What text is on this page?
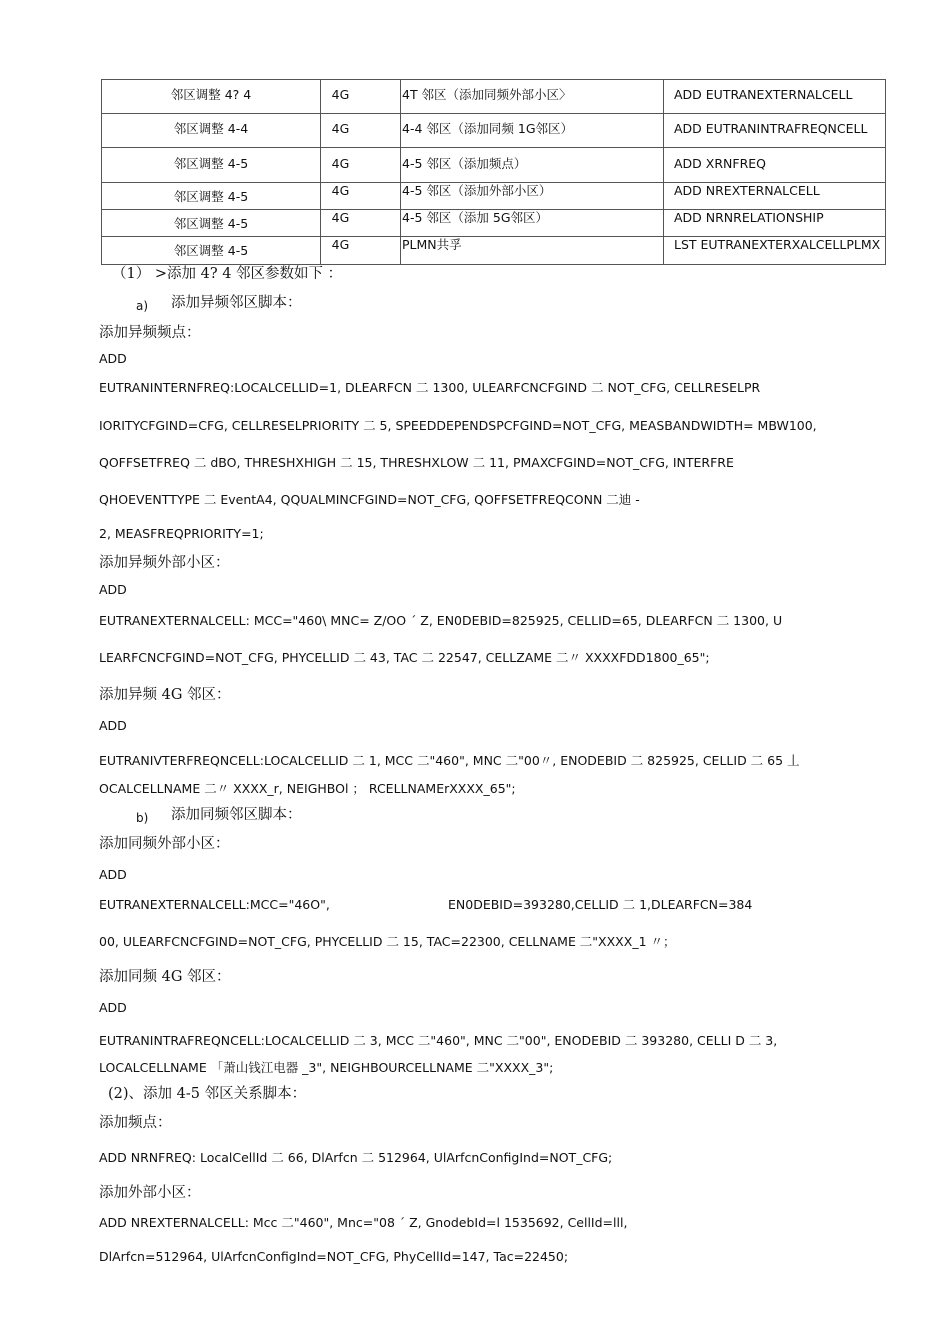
邻区调整 4? 4	4G	4T 邻区（添加同频外部小区〉	ADD EUTRANEXTERNALCELL
邻区调整 4-4	4G	4-4 邻区（添加同频 1G邻区）	ADD EUTRANINTRAFREQNCELL
邻区调整 4-5	4G	4-5 邻区（添加频点）	ADD XRNFREQ
邻区调整 4-5	4G	4-5 邻区（添加外部小区）	ADD NREXTERNALCELL
邻区调整 4-5	4G	4-5 邻区（添加 5G邻区）	ADD NRNRELATIONSHIP
邻区调整 4-5	4G	PLMN共孚	LST EUTRANEXTERXALCELLPLMX
（1） >添加 4? 4 邻区参数如下 ：
a) 添加异频邻区脚本：
添加异频频点：
ADD
EUTRANINTERNFREQ:LOCALCELLID=1, DLEARFCN 二 1300, ULEARFCNCFGIND 二 NOT_CFG, CELLRESELPR
IORITYCFGIND=CFG, CELLRESELPRIORITY 二 5, SPEEDDEPENDSPCFGIND=NOT_CFG, MEASBANDWIDTH= MBW100,
QOFFSETFREQ 二 dBO, THRESHXHIGH 二 15, THRESHXLOW 二 11, PMAXCFGIND=NOT_CFG, INTERFRE
QHOEVENTTYPE 二 EventA4, QQUALMINCFGIND=NOT_CFG, QOFFSETFREQCONN 二迪 -
2, MEASFREQPRIORITY=1;
添加异频外部小区：
ADD
EUTRANEXTERNALCELL: MCC="460\ MNC= Z/OO ˊ Z, EN0DEBID=825925, CELLID=65, DLEARFCN 二 1300, U
LEARFCNCFGIND=NOT_CFG, PHYCELLID 二 43, TAC 二 22547, CELLZAME 二〃 XXXXFDD1800_65";
添加异频 4G 邻区：
ADD
EUTRANIVTERFREQNCELL:LOCALCELLID 二 1, MCC 二"460", MNC 二"00〃, ENODEBID 二 825925, CELLID 二 65 丄
OCALCELLNAME 二〃 XXXX_r, NEIGHBOl ； RCELLNAMErXXXX_65";
b) 添加同频邻区脚本：
添加同频外部小区：
ADD
EUTRANEXTERNALCELL:MCC="46O",	EN0DEBID=393280,CELLID 二 1,DLEARFCN=384
00, ULEARFCNCFGIND=NOT_CFG, PHYCELLID 二 15, TAC=22300, CELLNAME 二"XXXX_1 〃；
添加同频 4G 邻区：
ADD
EUTRANINTRAFREQNCELL:LOCALCELLID 二 3, MCC 二"460", MNC 二"00", ENODEBID 二 393280, CELLI D 二 3,
LOCALCELLNAME 「萧山钱江电器 _3", NEIGHBOURCELLNAME 二"XXXX_3";
(2)、添加 4-5 邻区关系脚本：
添加频点：
ADD NRNFREQ: LocalCellId 二 66, DlArfcn 二 512964, UlArfcnConfigInd=NOT_CFG;
添加外部小区：
ADD NREXTERNALCELL: Mcc 二"460", Mnc="08 ˊ Z, GnodebId=l 1535692, CellId=lll,
DlArfcn=512964, UlArfcnConfigInd=NOT_CFG, PhyCellId=147, Tac=22450;
